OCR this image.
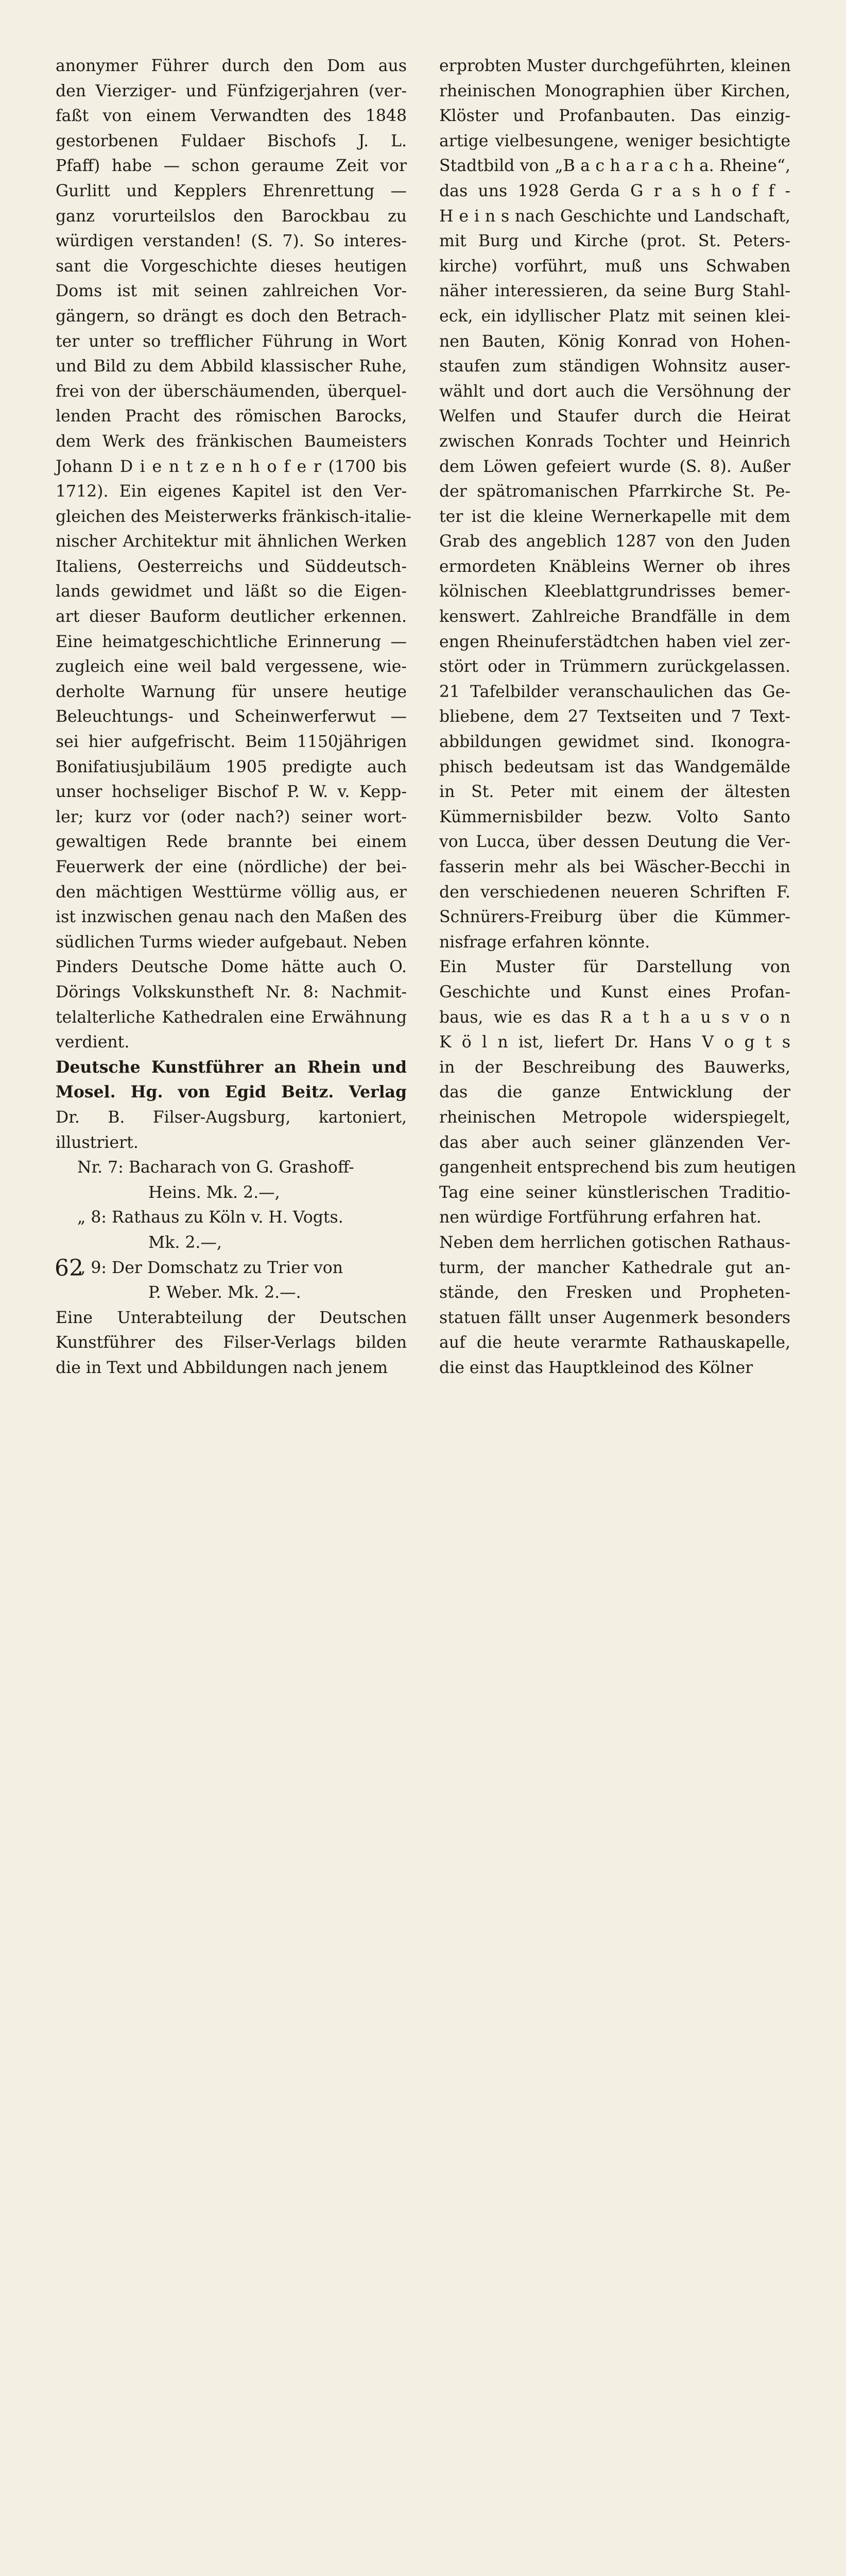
anonymer Führer durch den Dom aus
den Vierziger- und Fünfzigerjahren (ver-
faßt von einem Verwandten des 1848
gestorbenen Fuldaer Bischofs J. L.
Pfaff) habe — schon geraume Zeit vor
Gurlitt und Kepplers Ehrenrettung —
ganz vorurteilslos den Barockbau zu
würdigen verstanden! (S. 7). So interes-
sant die Vorgeschichte dieses heutigen
Doms ist mit seinen zahlreichen Vor-
gängern, so drängt es doch den Betrach-
ter unter so trefflicher Führung in Wort
und Bild zu dem Abbild klassischer Ruhe,
frei von der überschäumenden, überquel-
lenden Pracht des römischen Barocks,
dem Werk des fränkischen Baumeisters
Johann D i e n t z e n h o f e r (1700 bis
1712). Ein eigenes Kapitel ist den Ver-
gleichen des Meisterwerks fränkisch-italie-
nischer Architektur mit ähnlichen Werken
Italiens, Oesterreichs und Süddeutsch-
lands gewidmet und läßt so die Eigen-
art dieser Bauform deutlicher erkennen.
Eine heimatgeschichtliche Erinnerung —
zugleich eine weil bald vergessene, wie-
derholte Warnung für unsere heutige
Beleuchtungs- und Scheinwerferwut —
sei hier aufgefrischt. Beim 1150jährigen
Bonifatiusjubiläum 1905 predigte auch
unser hochseliger Bischof P. W. v. Kepp-
ler; kurz vor (oder nach?) seiner wort-
gewaltigen Rede brannte bei einem
Feuerwerk der eine (nördliche) der bei-
den mächtigen Westtürme völlig aus, er
ist inzwischen genau nach den Maßen des
südlichen Turms wieder aufgebaut. Neben
Pinders Deutsche Dome hätte auch O.
Dörings Volkskunstheft Nr. 8: Nachmit-
telalterliche Kathedralen eine Erwähnung
verdient.
Deutsche Kunstführer an Rhein und
Mosel. Hg. von Egid Beitz. Verlag
Dr. B. Filser-Augsburg, kartoniert,
illustriert.
Nr. 7: Bacharach von G. Grashoff-
Heins. Mk. 2.—,
„ 8: Rathaus zu Köln v. H. Vogts.
Mk. 2.—,
„ 9: Der Domschatz zu Trier von
P. Weber. Mk. 2.—.
Eine Unterabteilung der Deutschen
Kunstführer des Filser-Verlags bilden
die in Text und Abbildungen nach jenem
erprobten Muster durchgeführten, kleinen
rheinischen Monographien über Kirchen,
Klöster und Profanbauten. Das einzig-
artige vielbesungene, weniger besichtigte
Stadtbild von „B a c h a r a c h a. Rheine“,
das uns 1928 Gerda G r a s h o f f -
H e i n s nach Geschichte und Landschaft,
mit Burg und Kirche (prot. St. Peters-
kirche) vorführt, muß uns Schwaben
näher interessieren, da seine Burg Stahl-
eck, ein idyllischer Platz mit seinen klei-
nen Bauten, König Konrad von Hohen-
staufen zum ständigen Wohnsitz auser-
wählt und dort auch die Versöhnung der
Welfen und Staufer durch die Heirat
zwischen Konrads Tochter und Heinrich
dem Löwen gefeiert wurde (S. 8). Außer
der spätromanischen Pfarrkirche St. Pe-
ter ist die kleine Wernerkapelle mit dem
Grab des angeblich 1287 von den Juden
ermordeten Knäbleins Werner ob ihres
kölnischen Kleeblattgrundrisses bemer-
kenswert. Zahlreiche Brandfälle in dem
engen Rheinuferstädtchen haben viel zer-
stört oder in Trümmern zurückgelassen.
21 Tafelbilder veranschaulichen das Ge-
bliebene, dem 27 Textseiten und 7 Text-
abbildungen gewidmet sind. Ikonogra-
phisch bedeutsam ist das Wandgemälde
in St. Peter mit einem der ältesten
Kümmernisbilder bezw. Volto Santo
von Lucca, über dessen Deutung die Ver-
fasserin mehr als bei Wäscher-Becchi in
den verschiedenen neueren Schriften F.
Schnürers-Freiburg über die Kümmer-
nisfrage erfahren könnte.
Ein Muster für Darstellung von
Geschichte und Kunst eines Profan-
baus, wie es das R a t h a u s v o n
K ö l n ist, liefert Dr. Hans V o g t s
in der Beschreibung des Bauwerks,
das die ganze Entwicklung der
rheinischen Metropole widerspiegelt,
das aber auch seiner glänzenden Ver-
gangenheit entsprechend bis zum heutigen
Tag eine seiner künstlerischen Traditio-
nen würdige Fortführung erfahren hat.
Neben dem herrlichen gotischen Rathaus-
turm, der mancher Kathedrale gut an-
stände, den Fresken und Propheten-
statuen fällt unser Augenmerk besonders
auf die heute verarmte Rathauskapelle,
die einst das Hauptkleinod des Kölner
62
